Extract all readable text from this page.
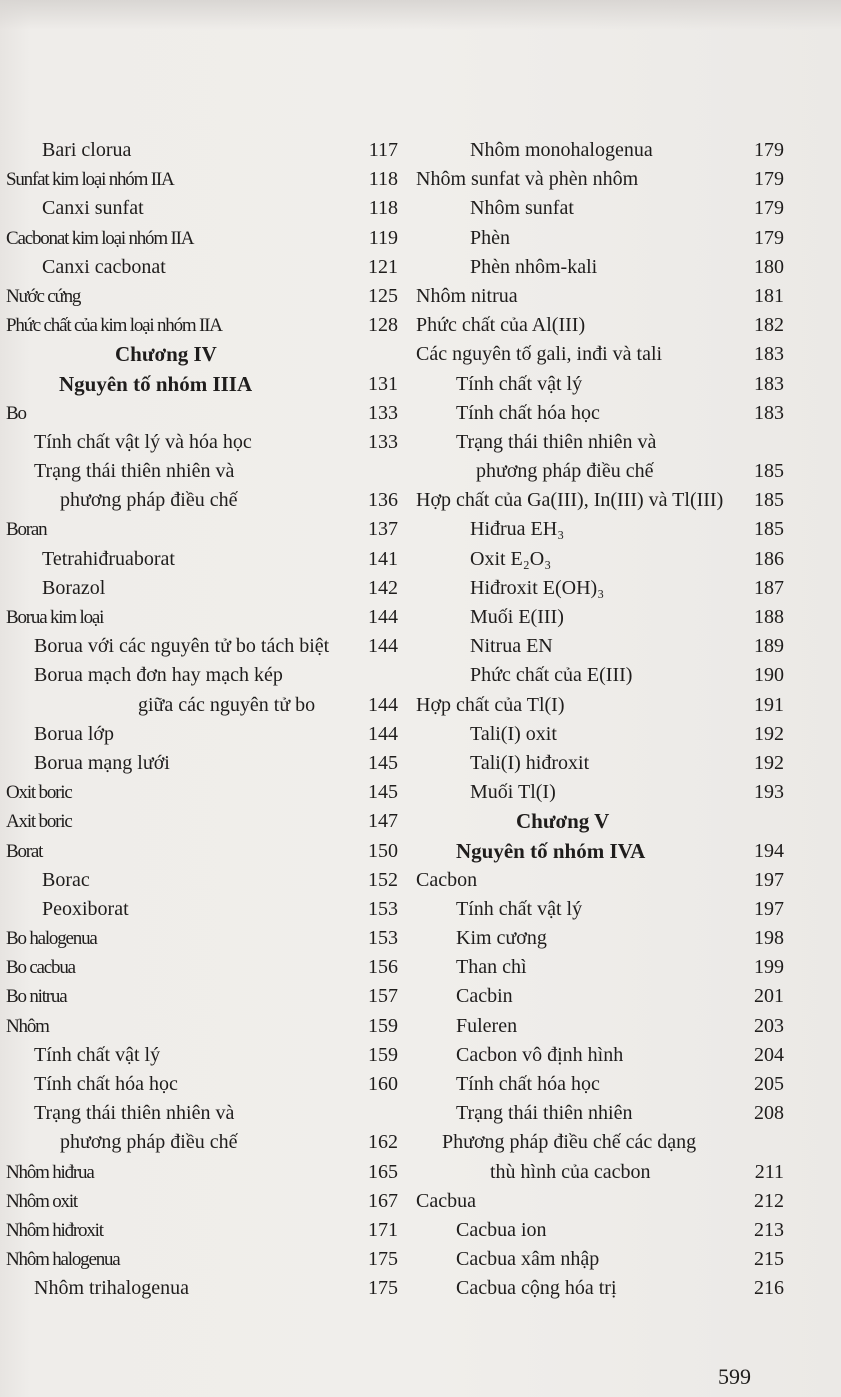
Bari clorua	117
Sunfat kim loại nhóm IIA	118
Canxi sunfat	118
Cacbonat kim loại nhóm IIA	119
Canxi cacbonat	121
Nước cứng	125
Phức chất của kim loại nhóm IIA	128
Chương IV
Nguyên tố nhóm IIIA	131
Bo	133
Tính chất vật lý và hóa học	133
Trạng thái thiên nhiên và
phương pháp điều chế	136
Boran	137
Tetrahiđruaborat	141
Borazol	142
Borua kim loại	144
Borua với các nguyên tử bo tách biệt	144
Borua mạch đơn hay mạch kép
giữa các nguyên tử bo	144
Borua lớp	144
Borua mạng lưới	145
Oxit boric	145
Axit boric	147
Borat	150
Borac	152
Peoxiborat	153
Bo halogenua	153
Bo cacbua	156
Bo nitrua	157
Nhôm	159
Tính chất vật lý	159
Tính chất hóa học	160
Trạng thái thiên nhiên và
phương pháp điều chế	162
Nhôm hiđrua	165
Nhôm oxit	167
Nhôm hiđroxit	171
Nhôm halogenua	175
Nhôm trihalogenua	175
Nhôm monohalogenua	179
Nhôm sunfat và phèn nhôm	179
Nhôm sunfat	179
Phèn	179
Phèn nhôm-kali	180
Nhôm nitrua	181
Phức chất của Al(III)	182
Các nguyên tố gali, inđi và tali	183
Tính chất vật lý	183
Tính chất hóa học	183
Trạng thái thiên nhiên và
phương pháp điều chế	185
Hợp chất của Ga(III), In(III) và Tl(III)	185
Hiđrua EH₃	185
Oxit E₂O₃	186
Hiđroxit E(OH)₃	187
Muối E(III)	188
Nitrua EN	189
Phức chất của E(III)	190
Hợp chất của Tl(I)	191
Tali(I) oxit	192
Tali(I) hiđroxit	192
Muối Tl(I)	193
Chương V
Nguyên tố nhóm IVA	194
Cacbon	197
Tính chất vật lý	197
Kim cương	198
Than chì	199
Cacbin	201
Fuleren	203
Cacbon vô định hình	204
Tính chất hóa học	205
Trạng thái thiên nhiên	208
Phương pháp điều chế các dạng
thù hình của cacbon	211
Cacbua	212
Cacbua ion	213
Cacbua xâm nhập	215
Cacbua cộng hóa trị	216
599
